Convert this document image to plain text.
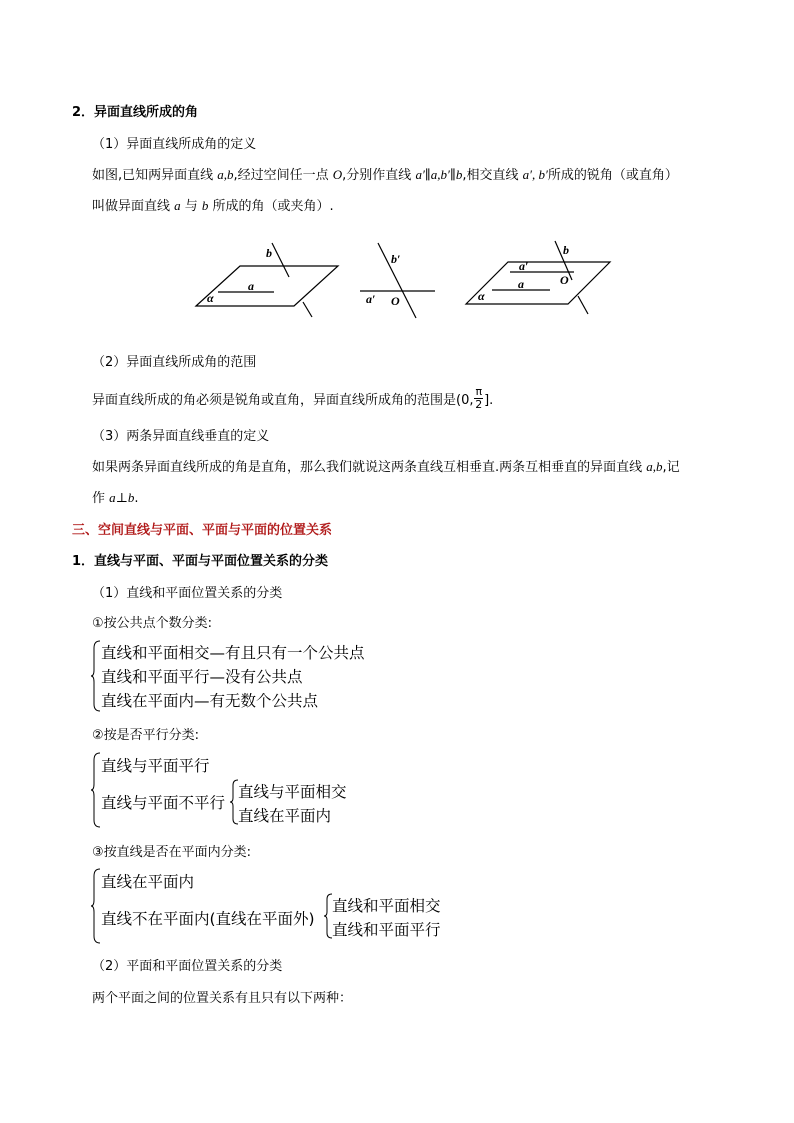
2．异面直线所成的角
（1）异面直线所成角的定义
如图,已知两异面直线 a,b,经过空间任一点 O,分别作直线 a′∥a,b′∥b,相交直线 a′, b′所成的锐角（或直角）
叫做异面直线 a 与 b 所成的角（或夹角）.
b
a
α
b′
a′ O
b
a′
O
a
α
（2）异面直线所成角的范围
异面直线所成的角必须是锐角或直角，异面直线所成角的范围是(0, $\frac{\pi}{2}$ ].
（3）两条异面直线垂直的定义
如果两条异面直线所成的角是直角，那么我们就说这两条直线互相垂直.两条互相垂直的异面直线 a,b,记
作 a⊥b.
三、空间直线与平面、平面与平面的位置关系
1．直线与平面、平面与平面位置关系的分类
（1）直线和平面位置关系的分类
①按公共点个数分类:
直线和平面相交—有且只有一个公共点
直线和平面平行—没有公共点
直线在平面内—有无数个公共点
②按是否平行分类:
直线与平面平行
直线与平面不平行
直线与平面相交
直线在平面内
③按直线是否在平面内分类:
直线在平面内
直线不在平面内(直线在平面外)
直线和平面相交
直线和平面平行
（2）平面和平面位置关系的分类
两个平面之间的位置关系有且只有以下两种：
